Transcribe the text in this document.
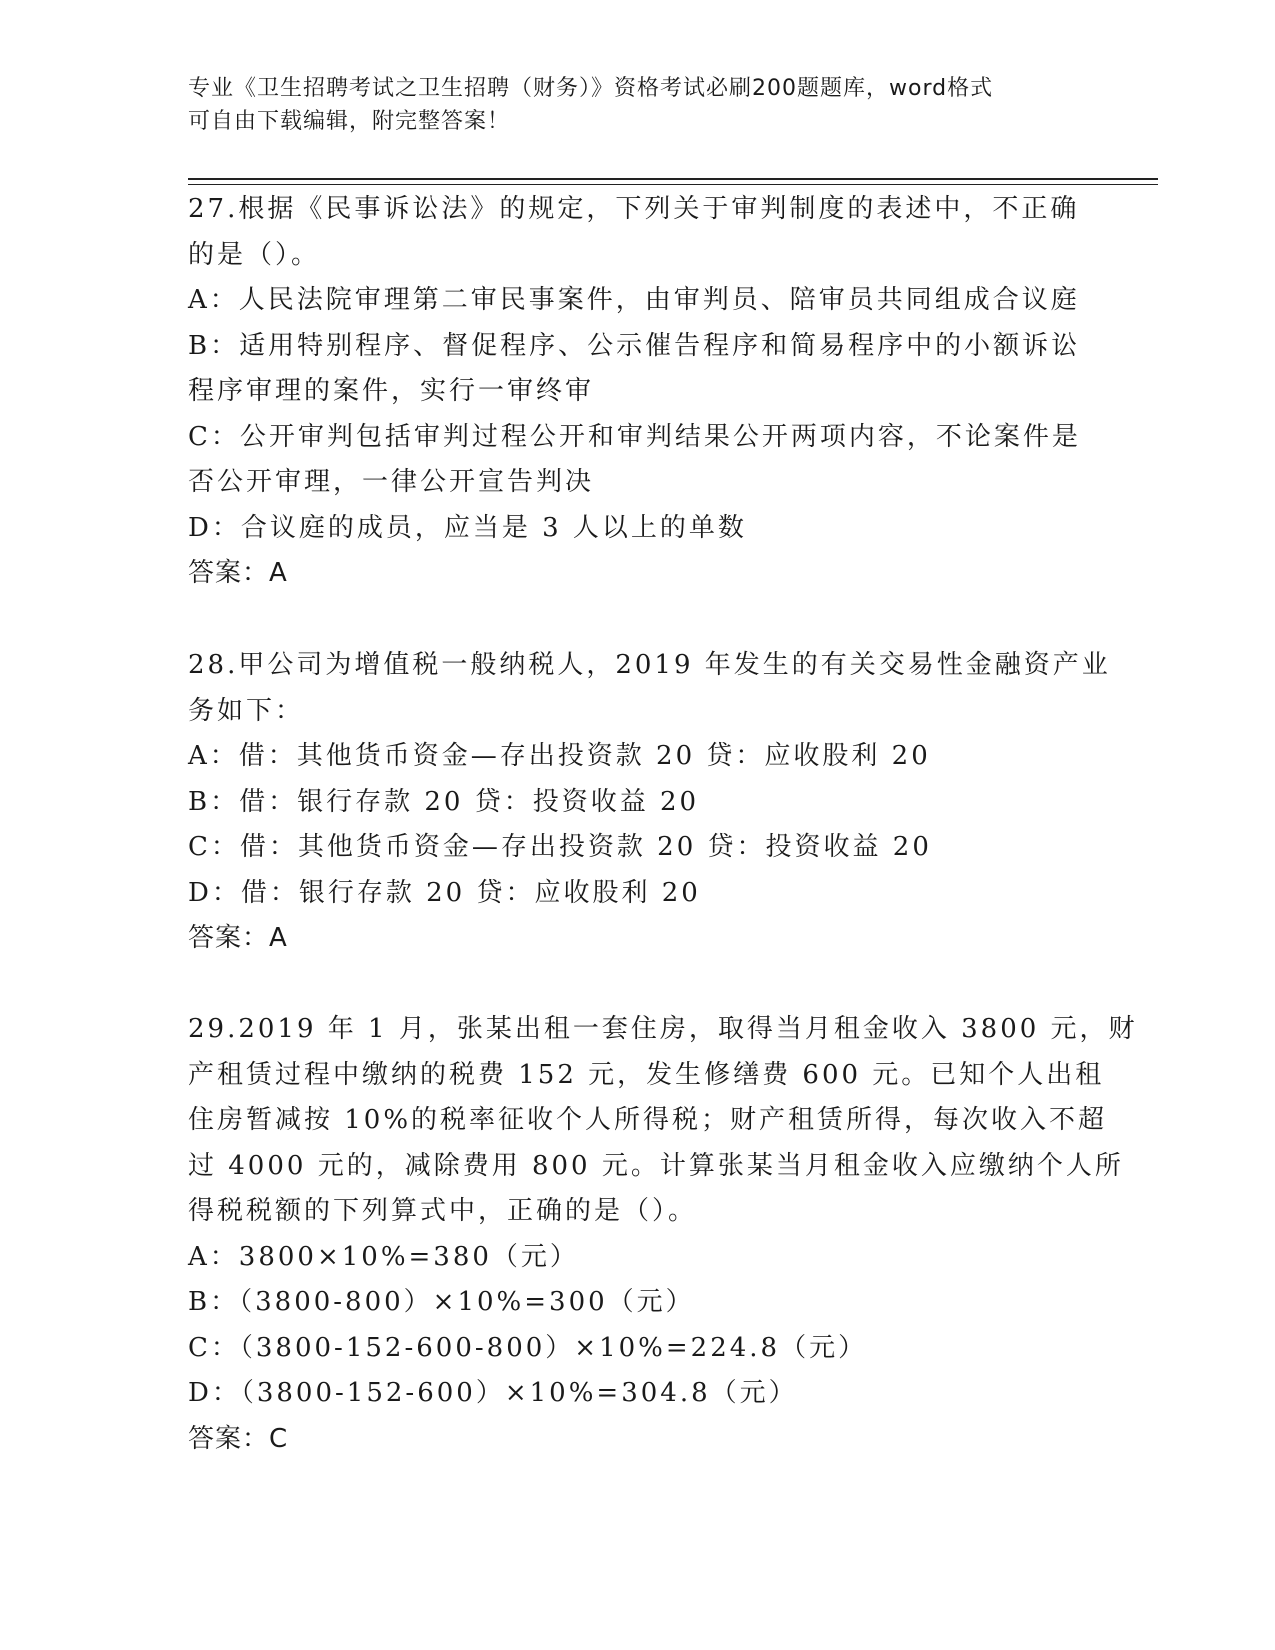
专业《卫生招聘考试之卫生招聘（财务）》资格考试必刷200题题库，word格式
可自由下载编辑，附完整答案！
27.根据《民事诉讼法》的规定，下列关于审判制度的表述中，不正确
的是（）。
A：人民法院审理第二审民事案件，由审判员、陪审员共同组成合议庭
B：适用特别程序、督促程序、公示催告程序和简易程序中的小额诉讼
程序审理的案件，实行一审终审
C：公开审判包括审判过程公开和审判结果公开两项内容，不论案件是
否公开审理，一律公开宣告判决
D：合议庭的成员，应当是 3 人以上的单数
答案：A
28.甲公司为增值税一般纳税人，2019 年发生的有关交易性金融资产业
务如下：
A：借：其他货币资金—存出投资款 20 贷：应收股利 20
B：借：银行存款 20 贷：投资收益 20
C：借：其他货币资金—存出投资款 20 贷：投资收益 20
D：借：银行存款 20 贷：应收股利 20
答案：A
29.2019 年 1 月，张某出租一套住房，取得当月租金收入 3800 元，财
产租赁过程中缴纳的税费 152 元，发生修缮费 600 元。已知个人出租
住房暂减按 10%的税率征收个人所得税；财产租赁所得，每次收入不超
过 4000 元的，减除费用 800 元。计算张某当月租金收入应缴纳个人所
得税税额的下列算式中，正确的是（）。
A：3800×10%=380（元）
B：（3800-800）×10%=300（元）
C：（3800-152-600-800）×10%=224.8（元）
D：（3800-152-600）×10%=304.8（元）
答案：C
